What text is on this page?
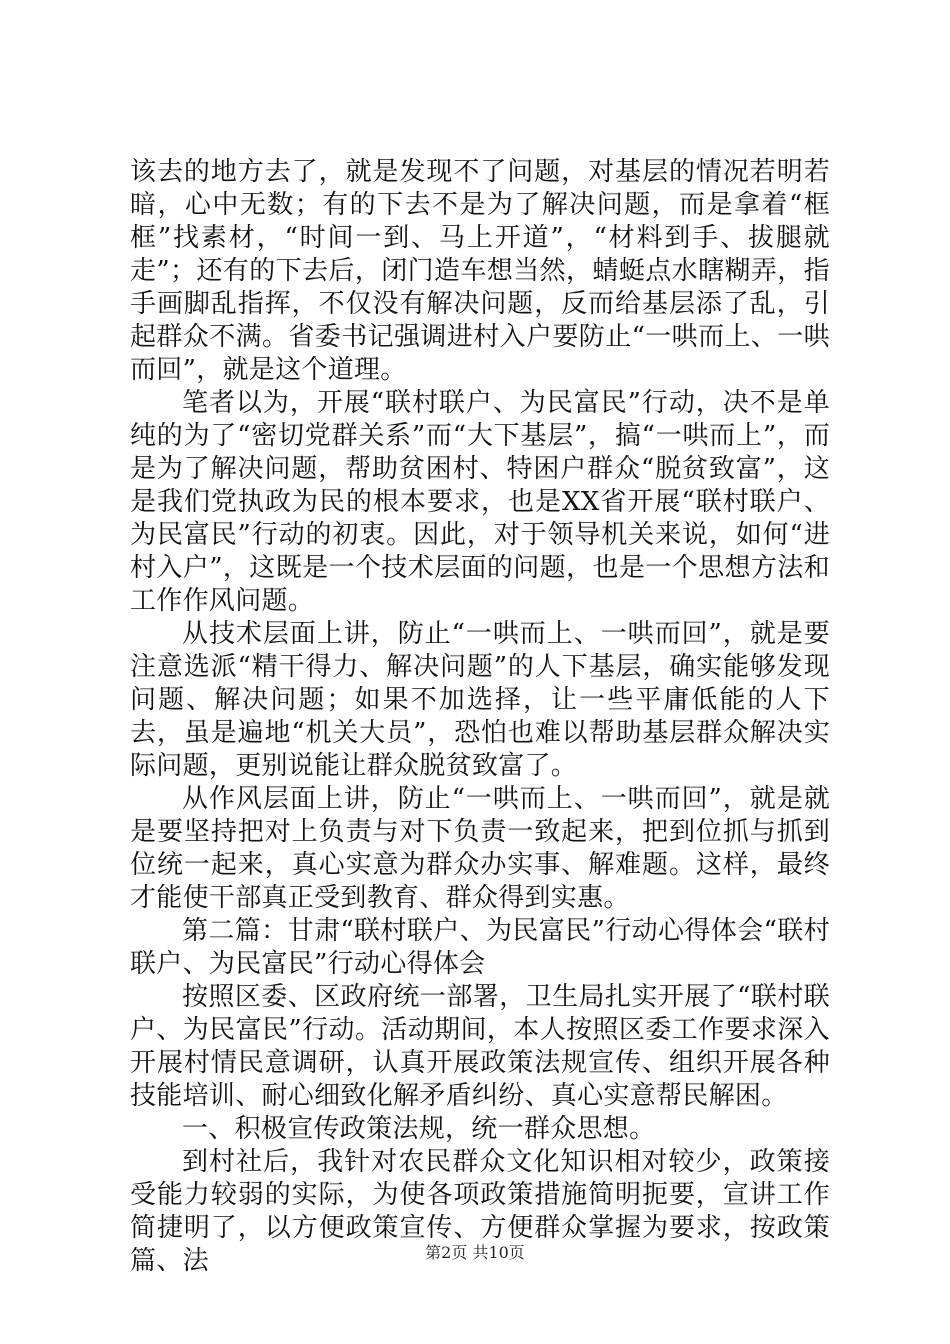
该去的地方去了，就是发现不了问题，对基层的情况若明若暗，心中无数；有的下去不是为了解决问题，而是拿着“框框”找素材，“时间一到、马上开道”，“材料到手、拔腿就走”；还有的下去后，闭门造车想当然，蜻蜓点水瞎糊弄，指手画脚乱指挥，不仅没有解决问题，反而给基层添了乱，引起群众不满。省委书记强调进村入户要防止“一哄而上、一哄而回”，就是这个道理。

笔者以为，开展“联村联户、为民富民”行动，决不是单纯的为了“密切党群关系”而“大下基层”，搞“一哄而上”，而是为了解决问题，帮助贫困村、特困户群众“脱贫致富”，这是我们党执政为民的根本要求，也是XX省开展“联村联户、为民富民”行动的初衷。因此，对于领导机关来说，如何“进村入户”，这既是一个技术层面的问题，也是一个思想方法和工作作风问题。

从技术层面上讲，防止“一哄而上、一哄而回”，就是要注意选派“精干得力、解决问题”的人下基层，确实能够发现问题、解决问题；如果不加选择，让一些平庸低能的人下去，虽是遍地“机关大员”，恐怕也难以帮助基层群众解决实际问题，更别说能让群众脱贫致富了。

从作风层面上讲，防止“一哄而上、一哄而回”，就是就是要坚持把对上负责与对下负责一致起来，把到位抓与抓到位统一起来，真心实意为群众办实事、解难题。这样，最终才能使干部真正受到教育、群众得到实惠。

第二篇：甘肃“联村联户、为民富民”行动心得体会“联村联户、为民富民”行动心得体会

按照区委、区政府统一部署，卫生局扎实开展了“联村联户、为民富民”行动。活动期间，本人按照区委工作要求深入开展村情民意调研，认真开展政策法规宣传、组织开展各种技能培训、耐心细致化解矛盾纠纷、真心实意帮民解困。

一、积极宣传政策法规，统一群众思想。

到村社后，我针对农民群众文化知识相对较少，政策接受能力较弱的实际，为使各项政策措施简明扼要，宣讲工作简捷明了，以方便政策宣传、方便群众掌握为要求，按政策篇、法	第2页 共10页
